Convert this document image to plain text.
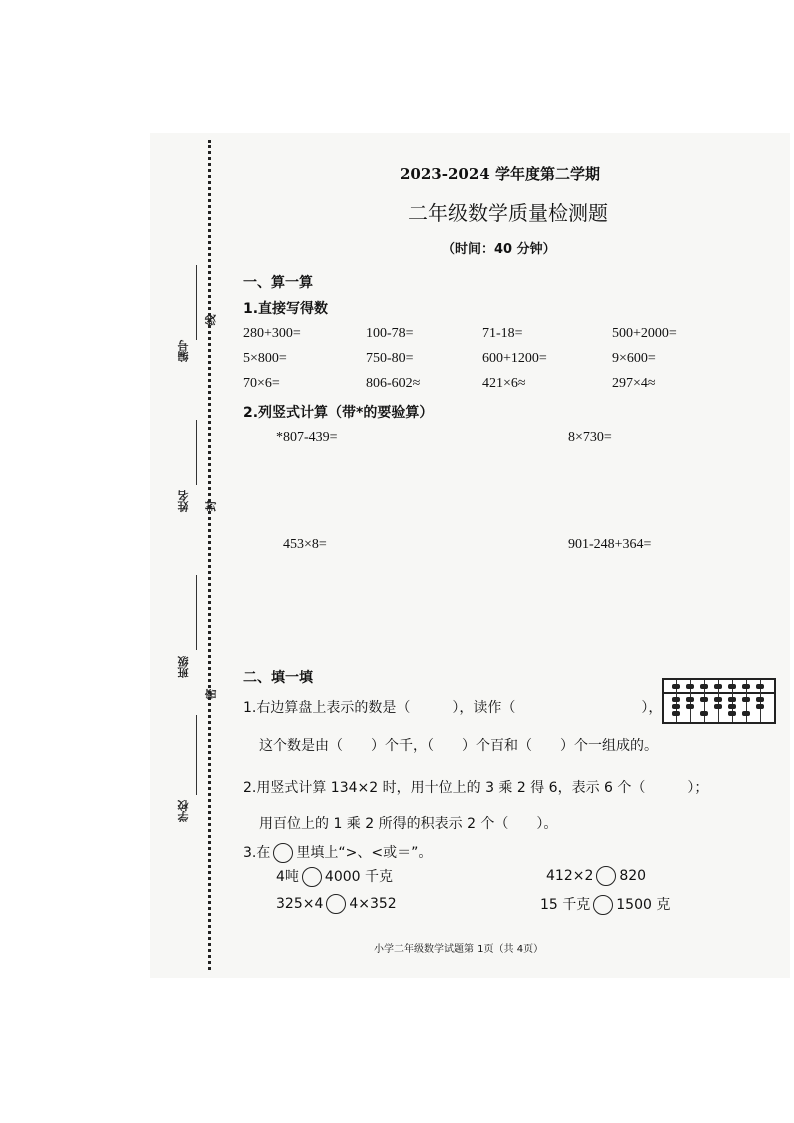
编号
线
姓名 封
班级
密
学校
2023-2024 学年度第二学期
二年级数学质量检测题
（时间：40 分钟）
一、算一算
1.直接写得数
280+300=	100-78=	71-18=	500+2000=
5×800=	750-80=	600+1200=	9×600=
70×6=	806-602≈	421×6≈	297×4≈
2.列竖式计算（带*的要验算）
*807-439=	8×730=
453×8=	901-248+364=
二、填一填
1.右边算盘上表示的数是（　　　），读作（　　　　　　　　　），
这个数是由（　　）个千，（　　）个百和（　　）个一组成的。
2.用竖式计算 134×2 时，用十位上的 3 乘 2 得 6，表示 6 个（　　　）；
用百位上的 1 乘 2 所得的积表示 2 个（　　）。
3.在 里填上“>、<或＝”。
4吨 4000 千克	412×2 820
325×4 4×352	15 千克 1500 克
小学二年级数学试题第 1页（共 4页）
